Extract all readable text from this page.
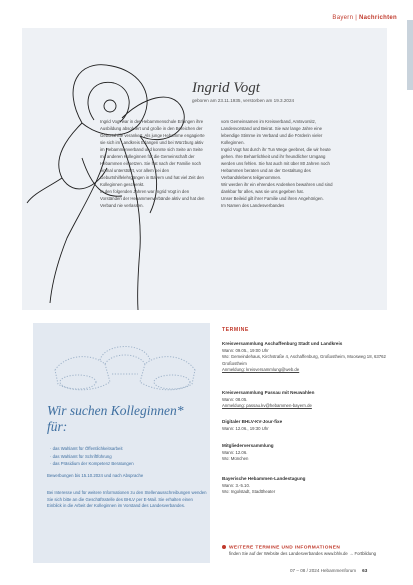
Bayern | Nachrichten
Ingrid Vogt
geboren am 23.11.1935, verstorben am 19.3.2024

Ingrid Vogt war in der Hebammenschule Erlangen ihre Ausbildung absolviert und große in den Bereichen der Geburtshilfe verankert. Als junge Hebamme engagierte sie sich im Landkreis Erlangen und bei Würzburg aktiv im Hebammenverband und konnte sich Seite an Seite mit anderen Kolleginnen für die Gemeinschaft der Hebammen einsetzen. Sie hat nach der Familie noch einmal unterstützt, vor allem bei den Geburtshilfelehrgängen in Bayern und hat viel Zeit den Kolleginnen geschenkt.

In den folgenden Jahren war Ingrid Vogt in den Vorständen der Hebammenverbände aktiv und hat den Verband nie verlassen.

vom Gemeinsamen im Kreisverband, Amtsvorsitz, Landesvorstand und Beirat. Sie war lange Jahre eine lebendige Stimme im Verband und die Förderin vieler Kolleginnen.

Ingrid Vogt hat durch ihr Tun Wege geebnet, die wir heute gehen. Ihre Beharrlichkeit und ihr freundlicher Umgang werden uns fehlen. Sie hat auch mit über 80 Jahren noch Hebammen beraten und an der Gestaltung des Verbandslebens teilgenommen.

Wir werden ihr ein ehrendes Andenken bewahren und sind dankbar für alles, was sie uns gegeben hat.

Unser Beileid gilt ihrer Familie und ihren Angehörigen.

Im Namen des Landesverbandes

Wir suchen Kolleginnen* für:
· das Wahlamt für Öffentlichkeitsarbeit
· das Wahlamt für Schriftführung
· das Präsidium der Kompetenz Beratungen
Bewerbungen bis 15.10.2024 und nach Absprache
Bei Interesse und für weitere Informationen zu den Stellenausschreibungen wenden Sie sich bitte an die Geschäftsstelle des BHLV per E-Mail. Sie erhalten einen Einblick in die Arbeit der Kolleginnen im Vorstand des Landesverbandes.
TERMINE

Kreisversammlung Aschaffenburg Stadt und Landkreis

Wann: 09.05., 19:00 Uhr

Wo: Gemeindehaus, Kirchstraße 4, Aschaffenburg, Großostheim, Moosweg 18, 63762 Großostheim

Anmeldung: kreisversammlung@web.de

Kreisversammlung Passau mit Neuwahlen

Wann: 08.05.

Anmeldung: passau.kv@hebammen-bayern.de

Digitaler BHLV-KV-Jour-fixe

Wann: 12.06., 19:30 Uhr

Mitgliederversammlung

Wann: 12.06.

Wo: München

Bayerische Hebammen-Landestagung

Wann: 3.-5.10.

Wo: Ingolstadt, Stadttheater

WEITERE TERMINE UND INFORMATIONEN
finden Sie auf der Website des Landesverbandes www.bhlv.de → Fortbildung
07 – 08 / 2024 Hebammenforum 63
